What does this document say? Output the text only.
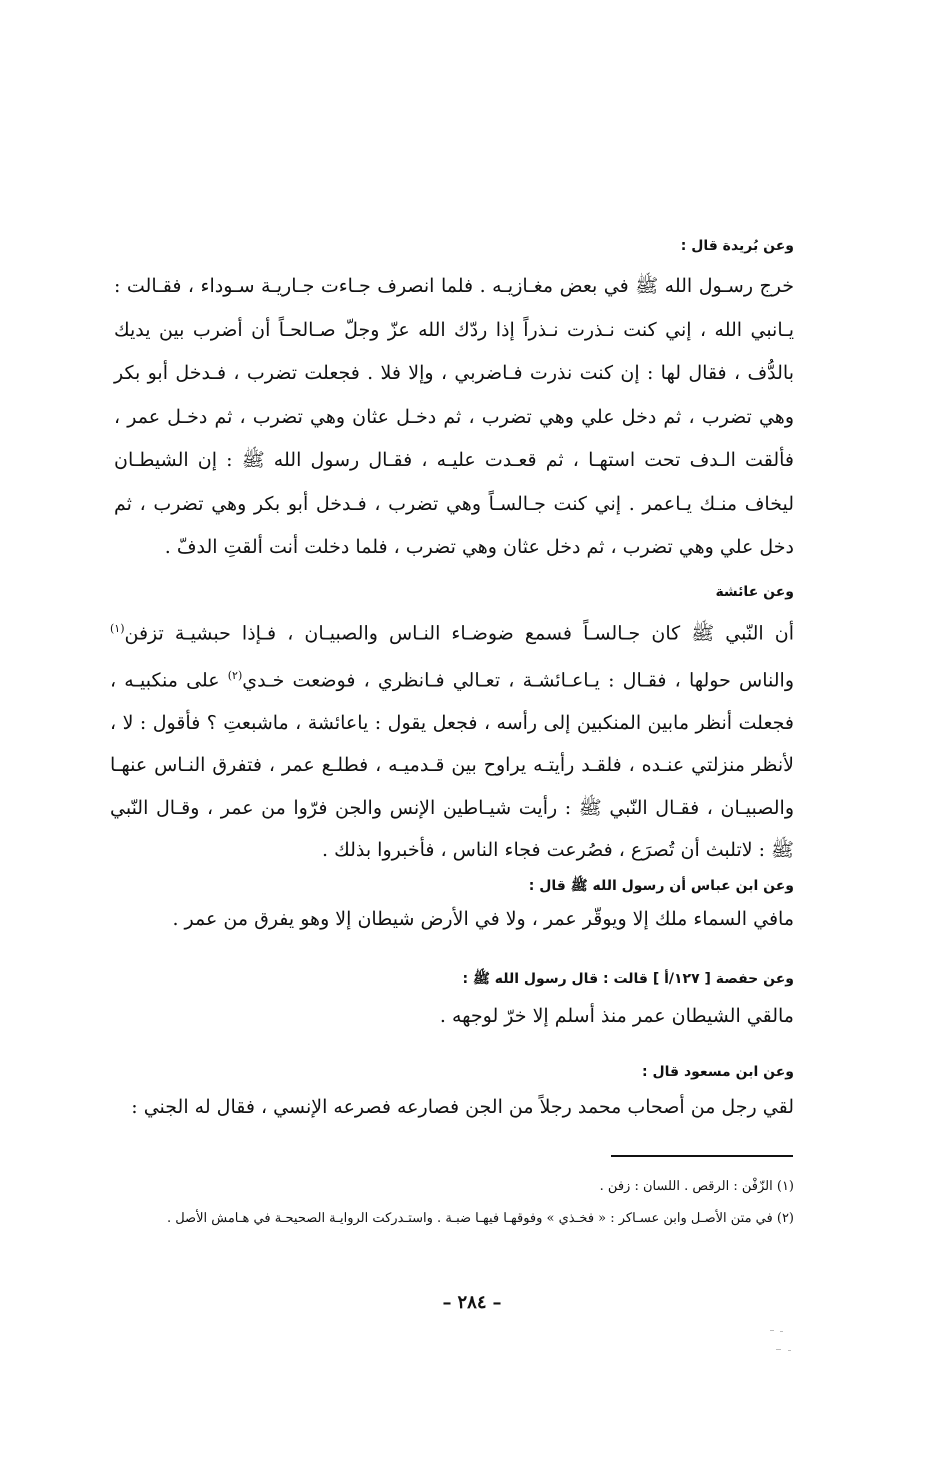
وعن بُريدة قال :
خرج رسـول الله ﷺ في بعض مغـازيـه . فلما انصرف جـاءت جـاريـة سـوداء ، فقـالت : يـانبي الله ، إني كنت نـذرت نـذراً إذا ردّك الله عزّ وجلّ صـالحـاً أن أضرب بين يديك بالدُّف ، فقال لها : إن كنت نذرت فـاضربي ، وإلا فلا . فجعلت تضرب ، فـدخل أبو بكر وهي تضرب ، ثم دخل علي وهي تضرب ، ثم دخـل عثان وهي تضرب ، ثم دخـل عمر ، فألقت الـدف تحت استهـا ، ثم قعـدت عليـه ، فقـال رسول الله ﷺ : إن الشيطـان ليخاف منـك يـاعمر . إني كنت جـالسـاً وهي تضرب ، فـدخل أبو بكر وهي تضرب ، ثم دخل علي وهي تضرب ، ثم دخل عثان وهي تضرب ، فلما دخلت أنت ألقتِ الدفّ .
وعن عائشة
أن النّبي ﷺ كان جـالسـاً فسمع ضوضـاء النـاس والصبيـان ، فـإذا حبشيـة تزفن$^{(١)}$ والناس حولها ، فقـال : يـاعـائشـة ، تعـالي فـانظري ، فوضعت خـدي$^{(٢)}$ على منكبيـه ، فجعلت أنظر مابين المنكبين إلى رأسه ، فجعل يقول : ياعائشة ، ماشبعتِ ؟ فأقول : لا ، لأنظر منزلتي عنـده ، فلقـد رأيتـه يراوح بين قـدميـه ، فطلـع عمر ، فتفرق النـاس عنهـا والصبيـان ، فقـال النّبي ﷺ : رأيت شيـاطين الإنس والجن فرّوا من عمر ، وقـال النّبي ﷺ : لاتلبث أن تُصرَع ، فصُرعت فجاء الناس ، فأخبروا بذلك .
وعن ابن عباس أن رسول الله ﷺ قال :
مافي السماء ملك إلا ويوقّر عمر ، ولا في الأرض شيطان إلا وهو يفرق من عمر .
وعن حفصة [ ١٢٧/أ ] قالت : قال رسول الله ﷺ :
مالقي الشيطان عمر منذ أسلم إلا خرّ لوجهه .
وعن ابن مسعود قال :
لقي رجل من أصحاب محمد رجلاً من الجن فصارعه فصرعه الإنسي ، فقال له الجني :
(١) الزّفْن : الرقص . اللسان : زفن .
(٢) في متن الأصـل وابن عسـاكر : « فخـذي » وفوقهـا فيهـا ضبـة . واستـدركت الروايـة الصحيحـة في هـامش الأصل .
–٢٨٤–
